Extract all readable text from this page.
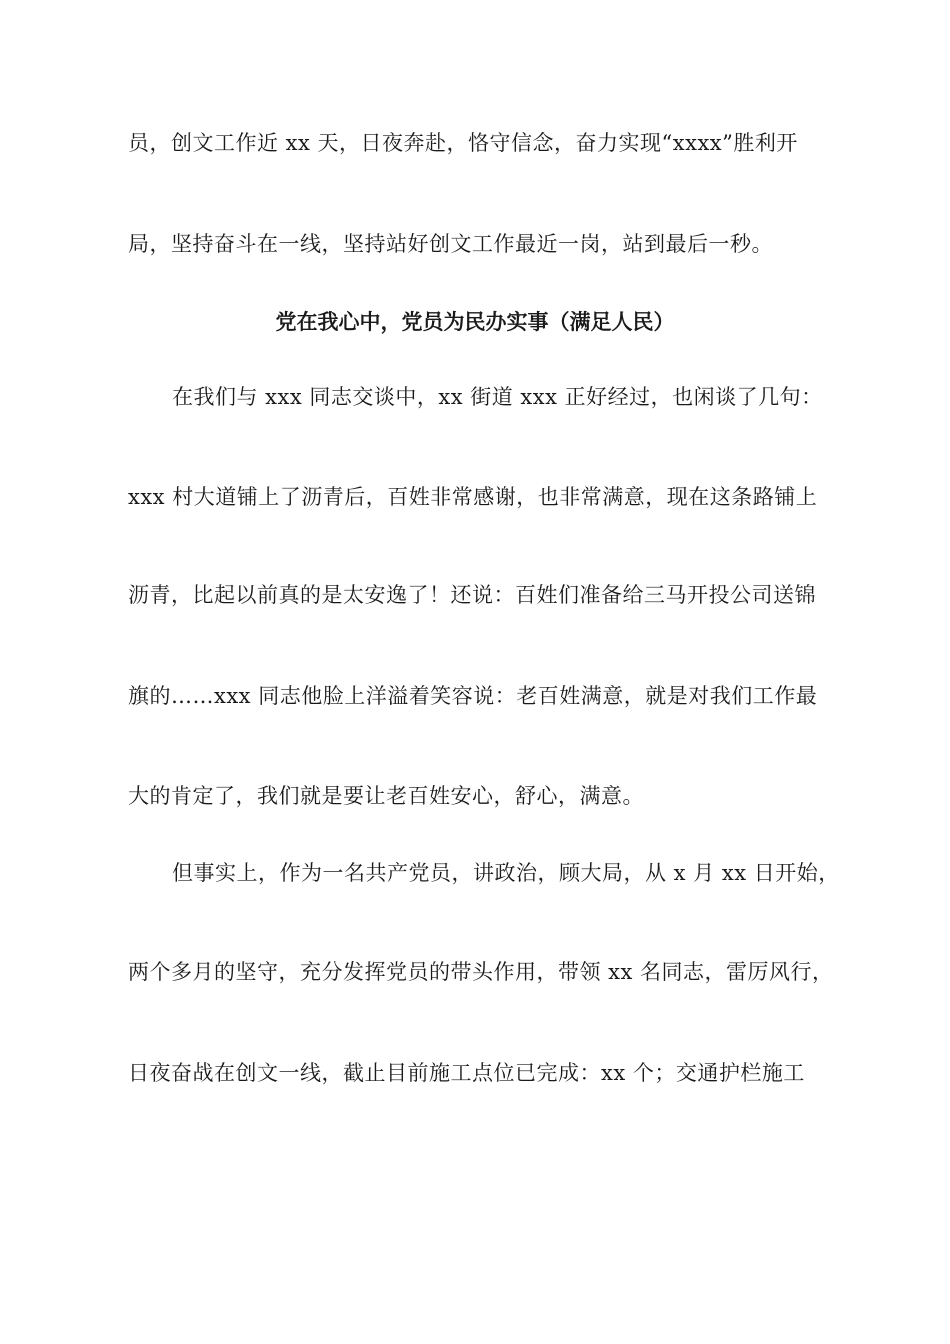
员，创文工作近 xx 天，日夜奔赴，恪守信念，奋力实现“xxxx”胜利开
局，坚持奋斗在一线，坚持站好创文工作最近一岗，站到最后一秒。
党在我心中，党员为民办实事（满足人民）
在我们与 xxx 同志交谈中，xx 街道 xxx 正好经过，也闲谈了几句：
xxx 村大道铺上了沥青后，百姓非常感谢，也非常满意，现在这条路铺上
沥青，比起以前真的是太安逸了！还说：百姓们准备给三马开投公司送锦
旗的……xxx 同志他脸上洋溢着笑容说：老百姓满意，就是对我们工作最
大的肯定了，我们就是要让老百姓安心，舒心，满意。
但事实上，作为一名共产党员，讲政治，顾大局，从 x 月 xx 日开始，
两个多月的坚守，充分发挥党员的带头作用，带领 xx 名同志，雷厉风行，
日夜奋战在创文一线，截止目前施工点位已完成：xx 个；交通护栏施工
